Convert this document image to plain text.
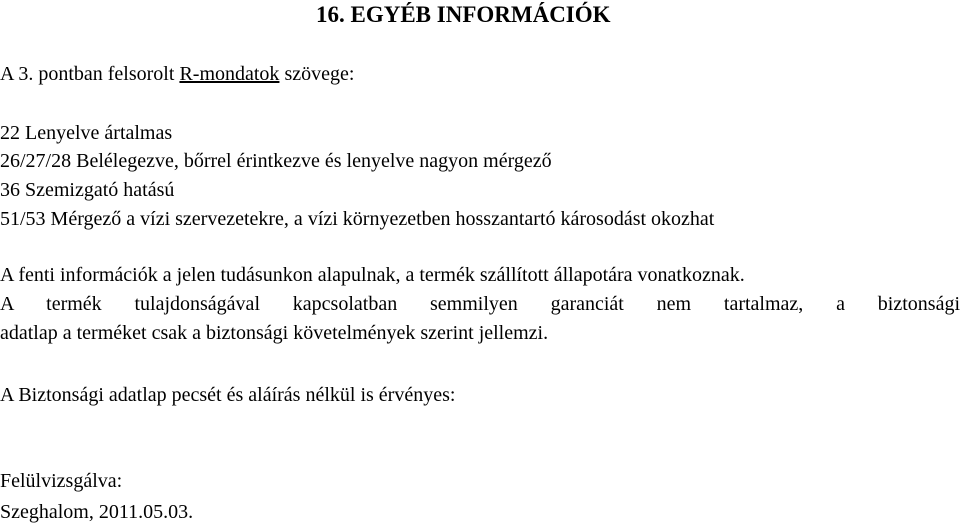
16. EGYÉB INFORMÁCIÓK

A 3. pontban felsorolt R-mondatok szövege:

22 Lenyelve ártalmas

26/27/28 Belélegezve, bőrrel érintkezve és lenyelve nagyon mérgező

36 Szemizgató hatású

51/53 Mérgező a vízi szervezetekre, a vízi környezetben hosszantartó károsodást okozhat

A fenti információk a jelen tudásunkon alapulnak, a termék szállított állapotára vonatkoznak.

A termék tulajdonságával kapcsolatban semmilyen garanciát nem tartalmaz, a biztonsági
adatlap a terméket csak a biztonsági követelmények szerint jellemzi.

A Biztonsági adatlap pecsét és aláírás nélkül is érvényes:

Felülvizsgálva:

Szeghalom, 2011.05.03.
